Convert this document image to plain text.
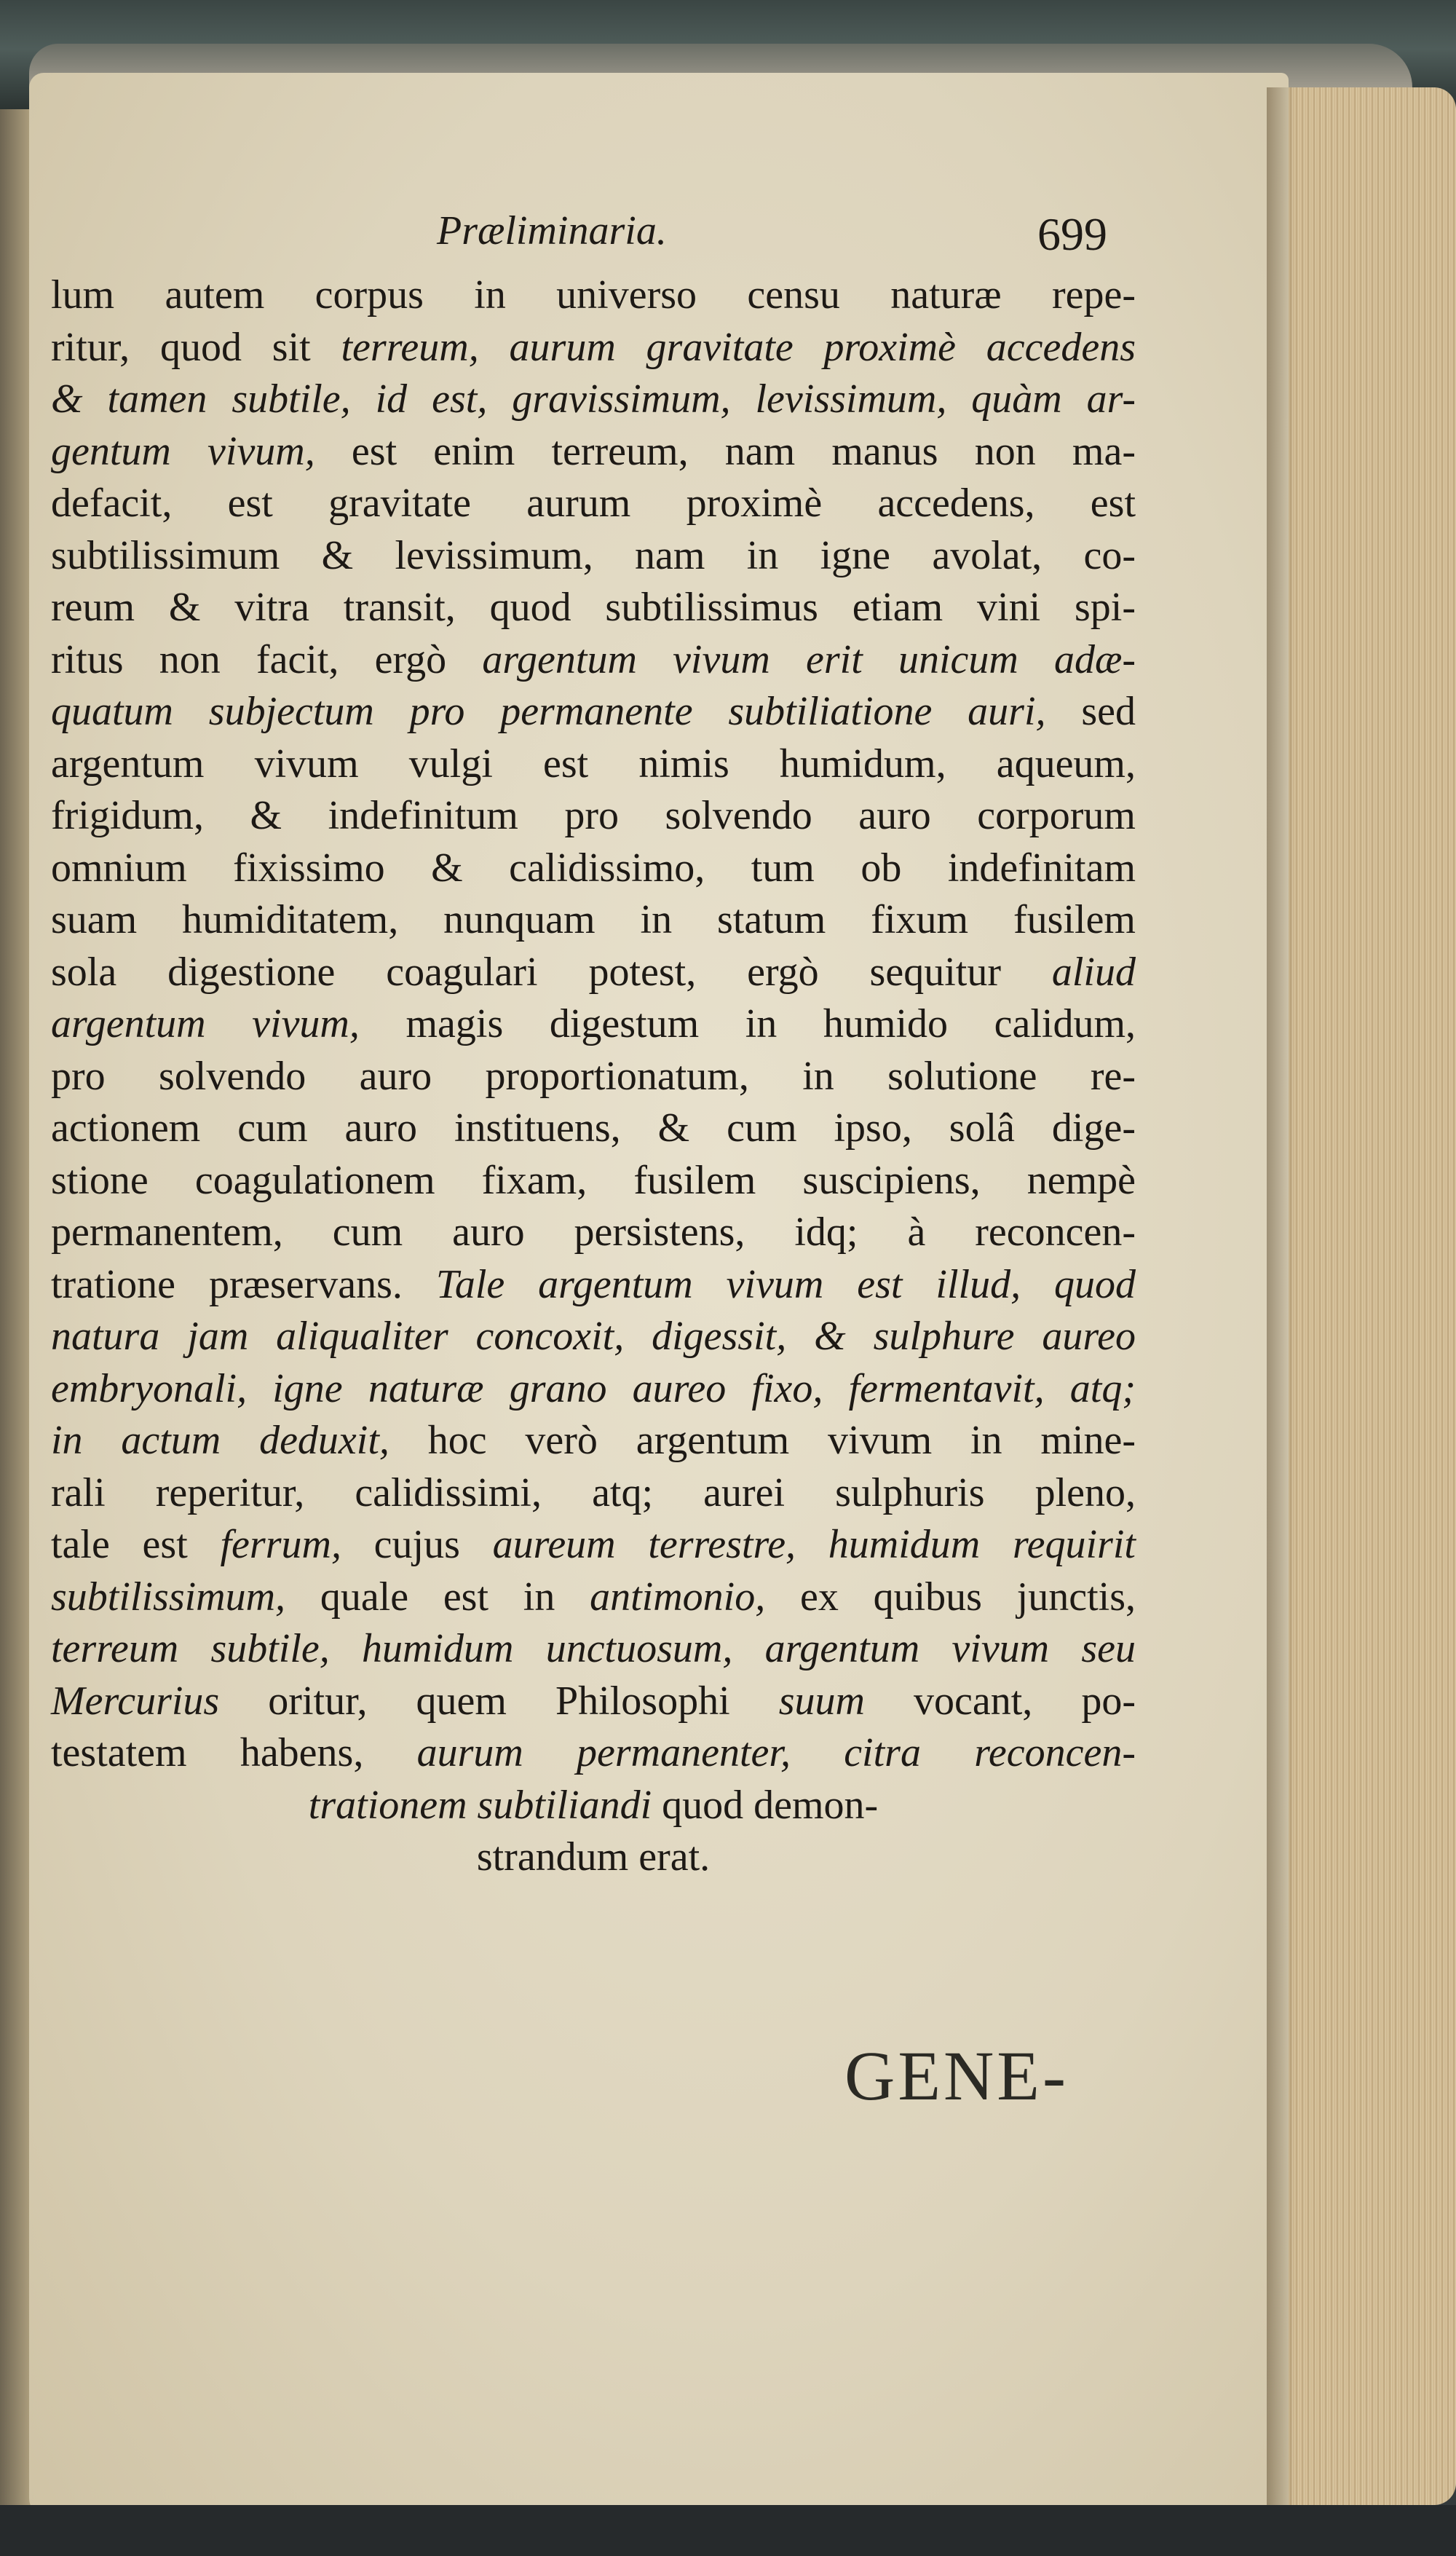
Præliminaria.	699
lum autem corpus in universo censu naturæ repe-
ritur, quod sit terreum, aurum gravitate proximè accedens
& tamen subtile, id est, gravissimum, levissimum, quàm ar-
gentum vivum, est enim terreum, nam manus non ma-
defacit, est gravitate aurum proximè accedens, est
subtilissimum & levissimum, nam in igne avolat, co-
reum & vitra transit, quod subtilissimus etiam vini spi-
ritus non facit, ergò argentum vivum erit unicum adæ-
quatum subjectum pro permanente subtiliatione auri, sed
argentum vivum vulgi est nimis humidum, aqueum,
frigidum, & indefinitum pro solvendo auro corporum
omnium fixissimo & calidissimo, tum ob indefinitam
suam humiditatem, nunquam in statum fixum fusilem
sola digestione coagulari potest, ergò sequitur aliud
argentum vivum, magis digestum in humido calidum,
pro solvendo auro proportionatum, in solutione re-
actionem cum auro instituens, & cum ipso, solâ dige-
stione coagulationem fixam, fusilem suscipiens, nempè
permanentem, cum auro persistens, idq; à reconcen-
tratione præservans. Tale argentum vivum est illud, quod
natura jam aliqualiter concoxit, digessit, & sulphure aureo
embryonali, igne naturæ grano aureo fixo, fermentavit, atq;
in actum deduxit, hoc verò argentum vivum in mine-
rali reperitur, calidissimi, atq; aurei sulphuris pleno,
tale est ferrum, cujus aureum terrestre, humidum requirit
subtilissimum, quale est in antimonio, ex quibus junctis,
terreum subtile, humidum unctuosum, argentum vivum seu
Mercurius oritur, quem Philosophi suum vocant, po-
testatem habens, aurum permanenter, citra reconcen-
trationem subtiliandi quod demon-
strandum erat.
GENE-
